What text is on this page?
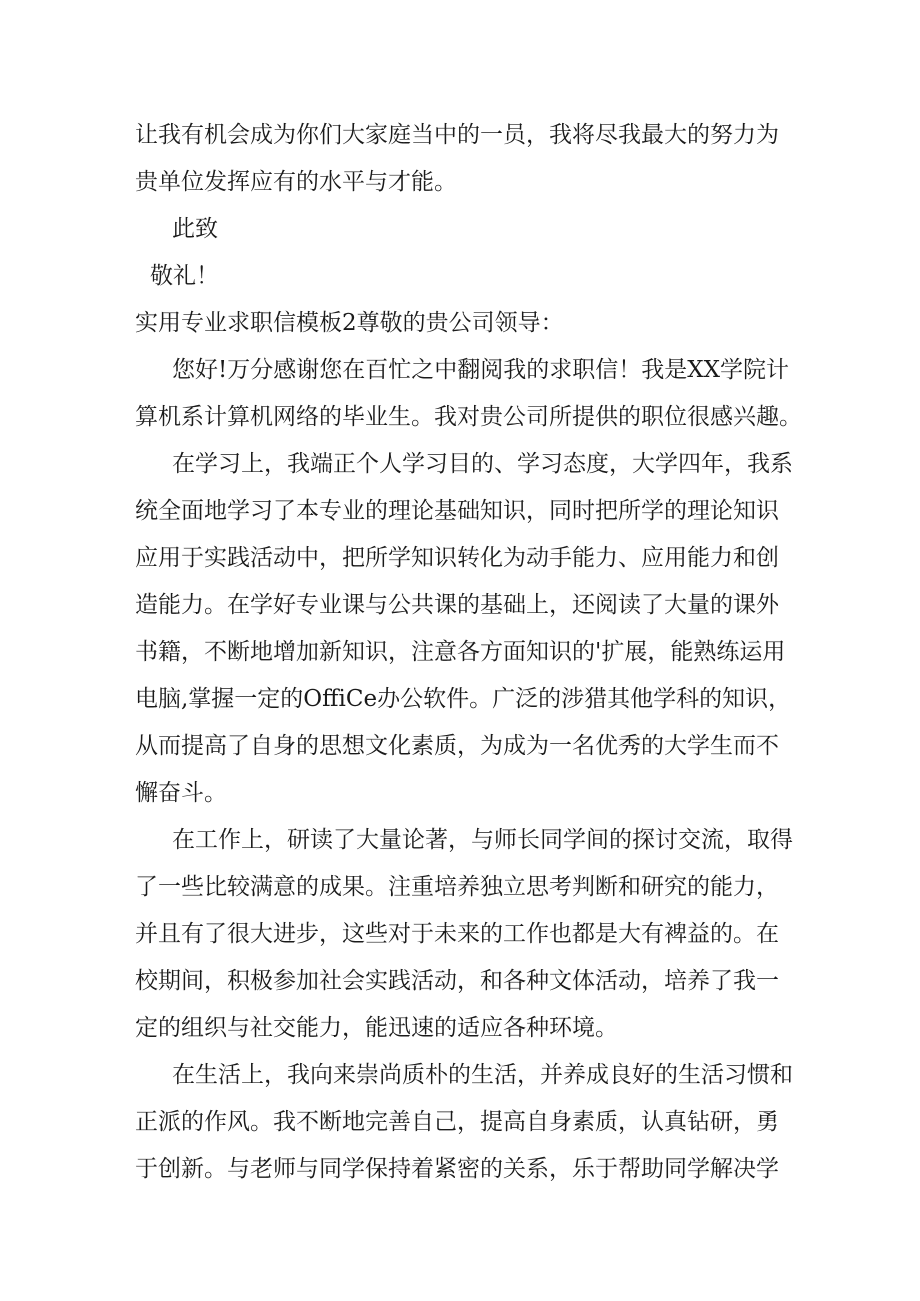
让我有机会成为你们大家庭当中的一员，我将尽我最大的努力为
贵单位发挥应有的水平与才能。
此致
敬礼！
实用专业求职信模板2尊敬的贵公司领导：
您好!万分感谢您在百忙之中翻阅我的求职信！我是XX学院计
算机系计算机网络的毕业生。我对贵公司所提供的职位很感兴趣。
在学习上，我端正个人学习目的、学习态度，大学四年，我系
统全面地学习了本专业的理论基础知识，同时把所学的理论知识
应用于实践活动中，把所学知识转化为动手能力、应用能力和创
造能力。在学好专业课与公共课的基础上，还阅读了大量的课外
书籍，不断地增加新知识，注意各方面知识的'扩展，能熟练运用
电脑,掌握一定的OffiCe办公软件。广泛的涉猎其他学科的知识，
从而提高了自身的思想文化素质，为成为一名优秀的大学生而不
懈奋斗。
在工作上，研读了大量论著，与师长同学间的探讨交流，取得
了一些比较满意的成果。注重培养独立思考判断和研究的能力，
并且有了很大进步，这些对于未来的工作也都是大有裨益的。在
校期间，积极参加社会实践活动，和各种文体活动，培养了我一
定的组织与社交能力，能迅速的适应各种环境。
在生活上，我向来崇尚质朴的生活，并养成良好的生活习惯和
正派的作风。我不断地完善自己，提高自身素质，认真钻研，勇
于创新。与老师与同学保持着紧密的关系，乐于帮助同学解决学
